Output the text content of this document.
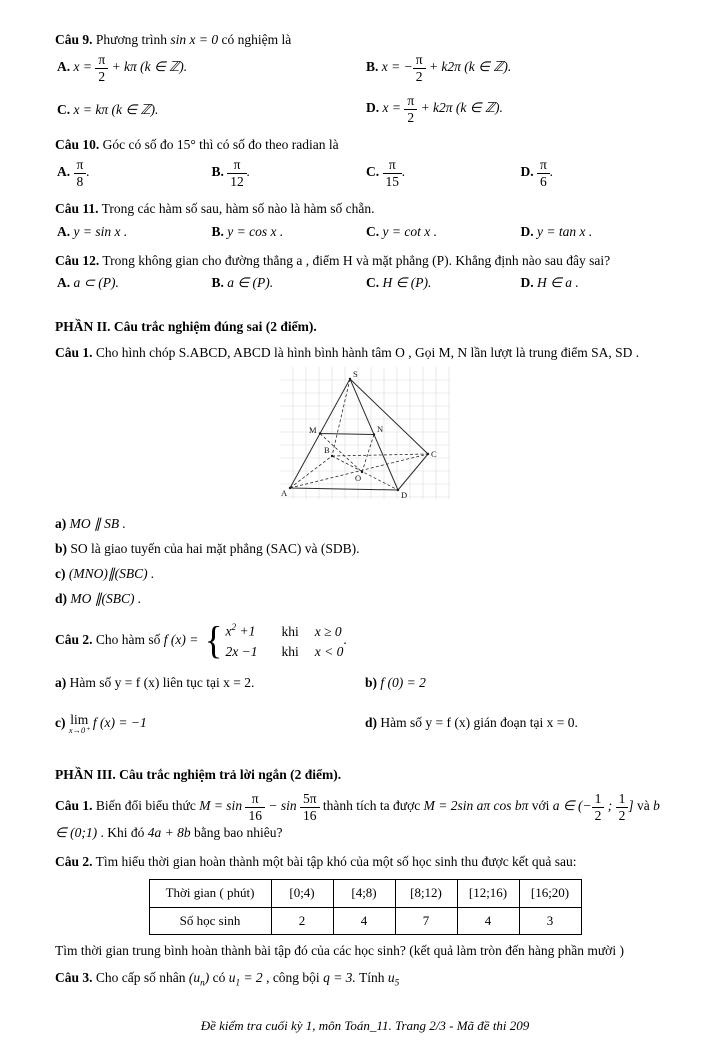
Câu 9. Phương trình sin x = 0 có nghiệm là

A. $x = \frac{\pi}{2} + k\pi$ (k ∈ ℤ).	B. x = − $\frac{\pi}{2} + k2\pi$ (k ∈ ℤ).
C. x = kπ (k ∈ ℤ).	D. $x = \frac{\pi}{2} + k2\pi$ (k ∈ ℤ).

Câu 10. Góc có số đo 15° thì có số đo theo radian là

A. $\frac{\pi}{8}$ .	B. $\frac{\pi}{12}$ .	C. $\frac{\pi}{15}$ .	D. $\frac{\pi}{6}$ .

Câu 11. Trong các hàm số sau, hàm số nào là hàm số chẵn.

A. y = sin x .	B. y = cos x .	C. y = cot x .	D. y = tan x .

Câu 12. Trong không gian cho đường thẳng a , điểm H và mặt phẳng (P). Khẳng định nào sau đây sai?

A. a ⊂ (P).	B. a ∈ (P).	C. H ∈ (P).	D. H ∈ a .
PHẦN II. Câu trắc nghiệm đúng sai (2 điểm).

Câu 1. Cho hình chóp S.ABCD, ABCD là hình bình hành tâm O , Gọi M, N lần lượt là trung điểm SA, SD .

S
M	N
B	C
O
A	D

a) MO ∥ SB .

b) SO là giao tuyến của hai mặt phẳng (SAC) và (SDB).

c) (MNO)∥(SBC) .

d) MO ∥(SBC) .

Câu 2. Cho hàm số f (x) = { $x^2 +1$	khi x ≥ 0
2x −1	khi x < 0
.

a) Hàm số y = f (x) liên tục tại x = 2.	b) f (0) = 2
c) lim
x→0⁺ f (x) = −1	d) Hàm số y = f (x) gián đoạn tại x = 0.
PHẦN III. Câu trắc nghiệm trả lời ngắn (2 điểm).

Câu 1. Biến đổi biểu thức $M = \sin \frac{\pi}{16} - \sin \frac{5\pi}{16}$ thành tích ta được M = 2sin aπ cos bπ với a ∈ (− $\frac{1}{2}$ ; $\frac{1}{2}$ ] và b ∈ (0;1) . Khi đó 4a + 8b bằng bao nhiêu?

Câu 2. Tìm hiểu thời gian hoàn thành một bài tập khó của một số học sinh thu được kết quả sau:

Thời gian ( phút)	[0;4)	[4;8)	[8;12)	[12;16)	[16;20)
Số học sinh	2	4	7	4	3

Tìm thời gian trung bình hoàn thành bài tập đó của các học sinh? (kết quả làm tròn đến hàng phần mười )

Câu 3. Cho cấp số nhân $(u_n)$ có $u_1 = 2$ , công bội q = 3. Tính $u_5$

Đề kiểm tra cuối kỳ 1, môn Toán_11. Trang 2/3 - Mã đề thi 209
